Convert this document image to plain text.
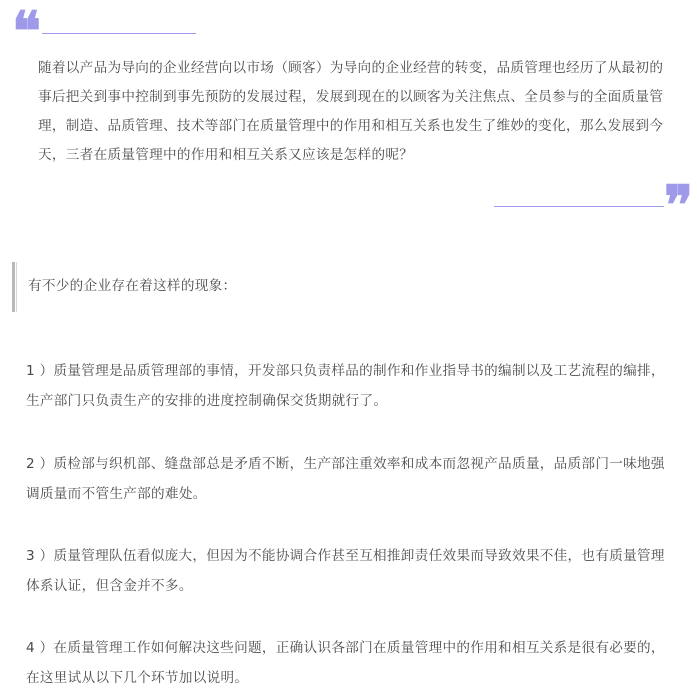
❝

随着以产品为导向的企业经营向以市场（顾客）为导向的企业经营的转变，品质管理也经历了从最初的事后把关到事中控制到事先预防的发展过程，发展到现在的以顾客为关注焦点、全员参与的全面质量管理，制造、品质管理、技术等部门在质量管理中的作用和相互关系也发生了维妙的变化，那么发展到今天，三者在质量管理中的作用和相互关系又应该是怎样的呢？

❞

有不少的企业存在着这样的现象：

1 ）质量管理是品质管理部的事情，开发部只负责样品的制作和作业指导书的编制以及工艺流程的编排，生产部门只负责生产的安排的进度控制确保交货期就行了。

2 ）质检部与织机部、缝盘部总是矛盾不断，生产部注重效率和成本而忽视产品质量，品质部门一味地强调质量而不管生产部的难处。

3 ）质量管理队伍看似庞大，但因为不能协调合作甚至互相推卸责任效果而导致效果不佳，也有质量管理体系认证，但含金并不多。

4 ）在质量管理工作如何解决这些问题，正确认识各部门在质量管理中的作用和相互关系是很有必要的，在这里试从以下几个环节加以说明。
